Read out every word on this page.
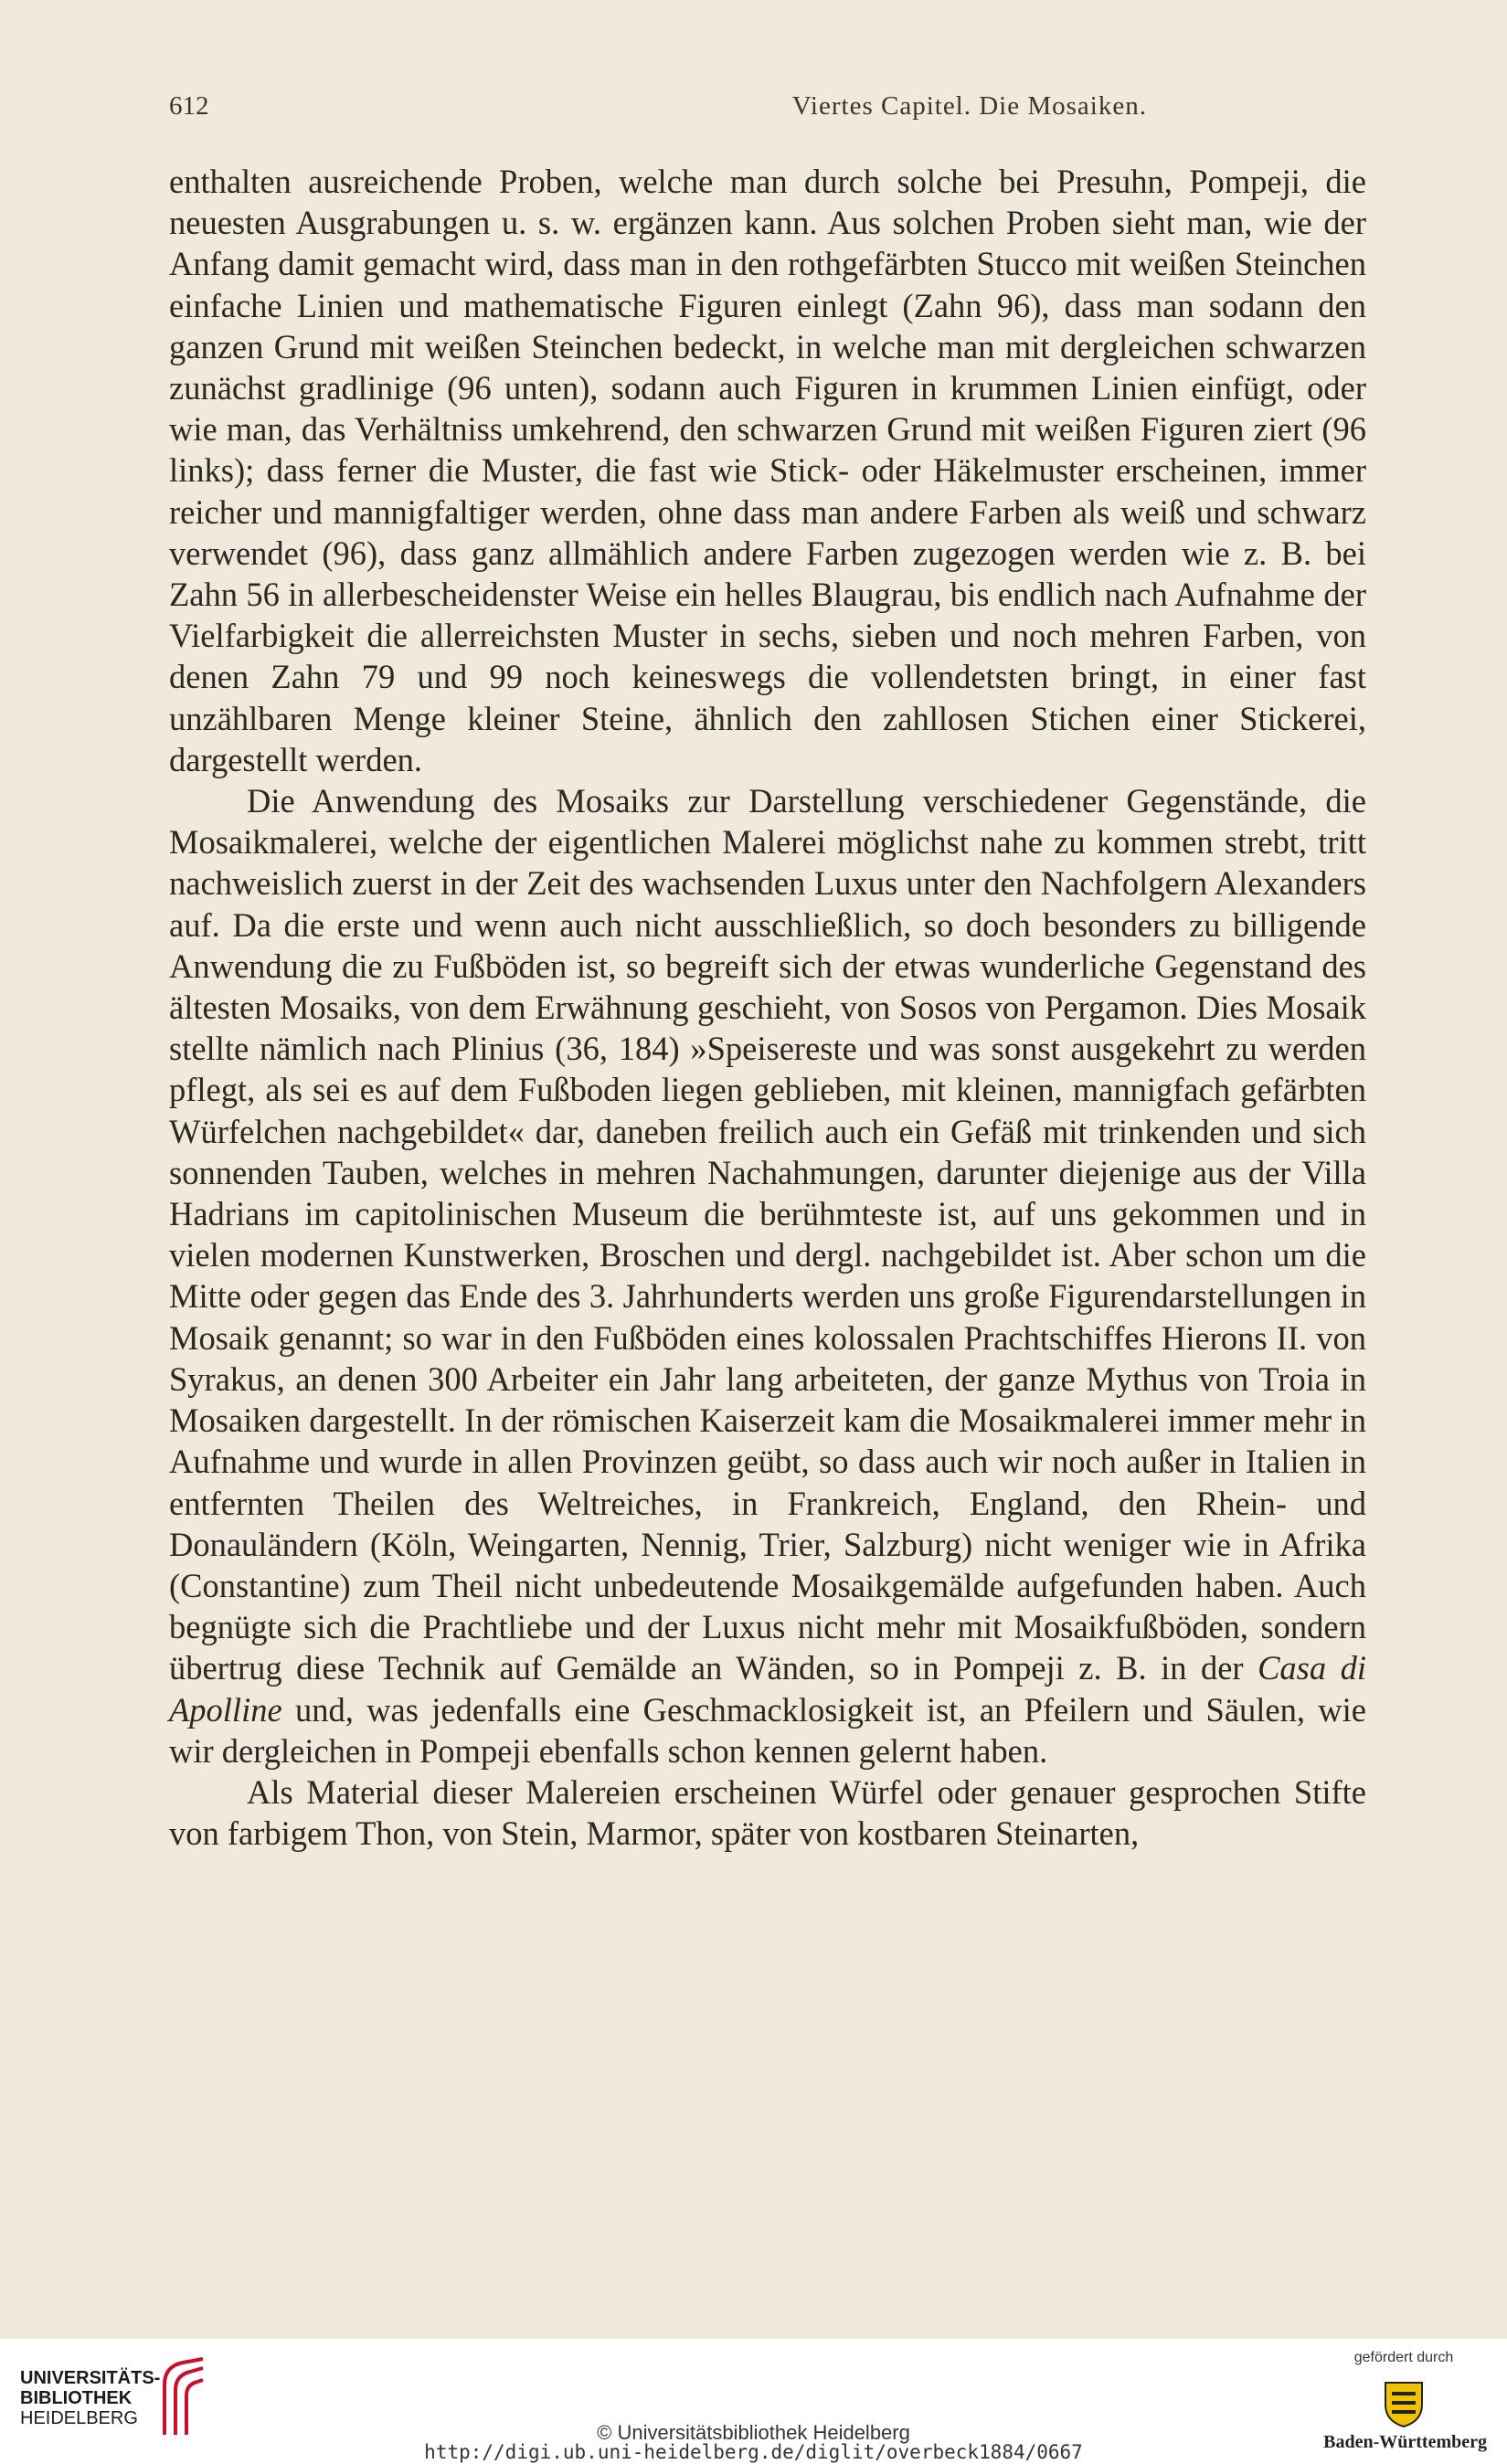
612	Viertes Capitel. Die Mosaiken.

enthalten ausreichende Proben, welche man durch solche bei Presuhn, Pompeji, die neuesten Ausgrabungen u. s. w. ergänzen kann. Aus solchen Proben sieht man, wie der Anfang damit gemacht wird, dass man in den rothgefärbten Stucco mit weißen Steinchen einfache Linien und mathematische Figuren einlegt (Zahn 96), dass man sodann den ganzen Grund mit weißen Steinchen bedeckt, in welche man mit dergleichen schwarzen zunächst gradlinige (96 unten), sodann auch Figuren in krummen Linien einfügt, oder wie man, das Verhältniss umkehrend, den schwarzen Grund mit weißen Figuren ziert (96 links); dass ferner die Muster, die fast wie Stick- oder Häkelmuster erscheinen, immer reicher und mannigfaltiger werden, ohne dass man andere Farben als weiß und schwarz verwendet (96), dass ganz allmählich andere Farben zugezogen werden wie z. B. bei Zahn 56 in allerbescheidenster Weise ein helles Blaugrau, bis endlich nach Aufnahme der Vielfarbigkeit die allerreichsten Muster in sechs, sieben und noch mehren Farben, von denen Zahn 79 und 99 noch keineswegs die vollendetsten bringt, in einer fast unzählbaren Menge kleiner Steine, ähnlich den zahllosen Stichen einer Stickerei, dargestellt werden.

Die Anwendung des Mosaiks zur Darstellung verschiedener Gegenstände, die Mosaikmalerei, welche der eigentlichen Malerei möglichst nahe zu kommen strebt, tritt nachweislich zuerst in der Zeit des wachsenden Luxus unter den Nachfolgern Alexanders auf. Da die erste und wenn auch nicht ausschließlich, so doch besonders zu billigende Anwendung die zu Fußböden ist, so begreift sich der etwas wunderliche Gegenstand des ältesten Mosaiks, von dem Erwähnung geschieht, von Sosos von Pergamon. Dies Mosaik stellte nämlich nach Plinius (36, 184) »Speisereste und was sonst ausgekehrt zu werden pflegt, als sei es auf dem Fußboden liegen geblieben, mit kleinen, mannigfach gefärbten Würfelchen nachgebildet« dar, daneben freilich auch ein Gefäß mit trinkenden und sich sonnenden Tauben, welches in mehren Nachahmungen, darunter diejenige aus der Villa Hadrians im capitolinischen Museum die berühmteste ist, auf uns gekommen und in vielen modernen Kunstwerken, Broschen und dergl. nachgebildet ist. Aber schon um die Mitte oder gegen das Ende des 3. Jahrhunderts werden uns große Figurendarstellungen in Mosaik genannt; so war in den Fußböden eines kolossalen Prachtschiffes Hierons II. von Syrakus, an denen 300 Arbeiter ein Jahr lang arbeiteten, der ganze Mythus von Troia in Mosaiken dargestellt. In der römischen Kaiserzeit kam die Mosaikmalerei immer mehr in Aufnahme und wurde in allen Provinzen geübt, so dass auch wir noch außer in Italien in entfernten Theilen des Weltreiches, in Frankreich, England, den Rhein- und Donauländern (Köln, Weingarten, Nennig, Trier, Salzburg) nicht weniger wie in Afrika (Constantine) zum Theil nicht unbedeutende Mosaikgemälde aufgefunden haben. Auch begnügte sich die Prachtliebe und der Luxus nicht mehr mit Mosaikfußböden, sondern übertrug diese Technik auf Gemälde an Wänden, so in Pompeji z. B. in der Casa di Apolline und, was jedenfalls eine Geschmacklosigkeit ist, an Pfeilern und Säulen, wie wir dergleichen in Pompeji ebenfalls schon kennen gelernt haben.

Als Material dieser Malereien erscheinen Würfel oder genauer gesprochen Stifte von farbigem Thon, von Stein, Marmor, später von kostbaren Steinarten,

UNIVERSITÄTS-
BIBLIOTHEK
HEIDELBERG
© Universitätsbibliothek Heidelberg
http://digi.ub.uni-heidelberg.de/diglit/overbeck1884/0667
gefördert durch
Baden-Württemberg
